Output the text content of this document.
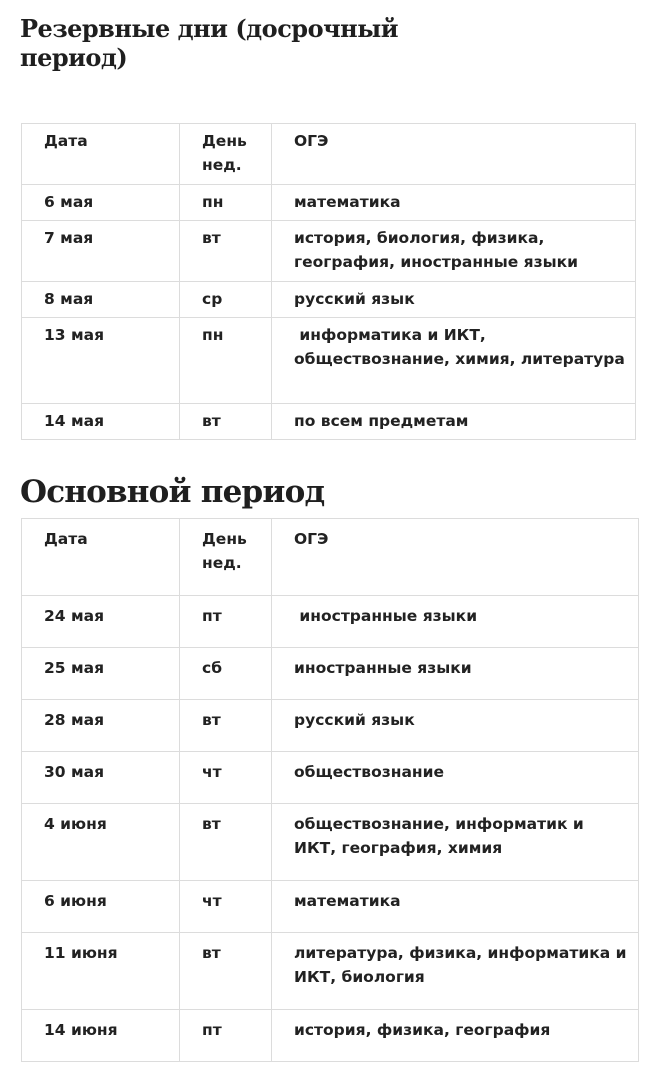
Резервные дни (досрочный период)
Дата	День нед.	ОГЭ
6 мая	пн	математика
7 мая	вт	история, биология, физика, география, иностранные языки
8 мая	ср	русский язык
13 мая	пн	информатика и ИКТ, обществознание, химия, литература
14 мая	вт	по всем предметам
Основной период
Дата	День нед.	ОГЭ
24 мая	пт	иностранные языки
25 мая	сб	иностранные языки
28 мая	вт	русский язык
30 мая	чт	обществознание
4 июня	вт	обществознание, информатик и ИКТ, география, химия
6 июня	чт	математика
11 июня	вт	литература, физика, информатика и ИКТ, биология
14 июня	пт	история, физика, география
